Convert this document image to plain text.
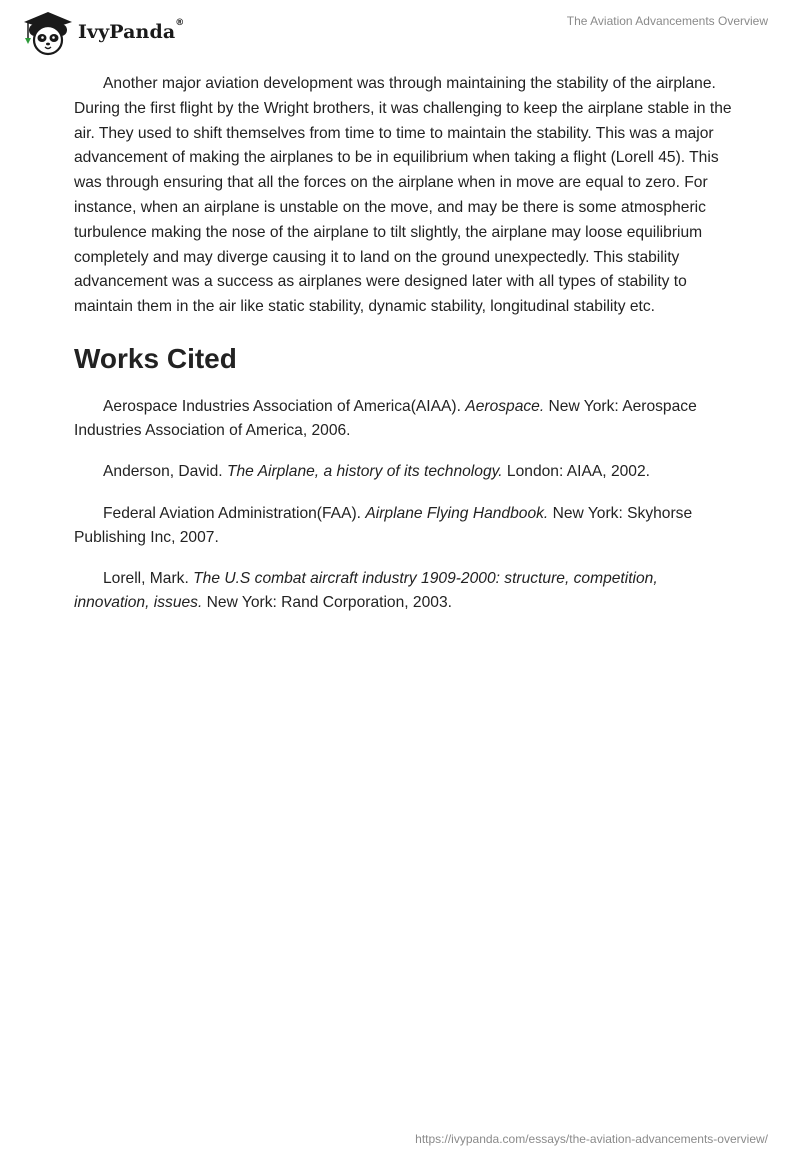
IvyPanda®	The Aviation Advancements Overview

Another major aviation development was through maintaining the stability of the airplane. During the first flight by the Wright brothers, it was challenging to keep the airplane stable in the air. They used to shift themselves from time to time to maintain the stability. This was a major advancement of making the airplanes to be in equilibrium when taking a flight (Lorell 45). This was through ensuring that all the forces on the airplane when in move are equal to zero. For instance, when an airplane is unstable on the move, and may be there is some atmospheric turbulence making the nose of the airplane to tilt slightly, the airplane may loose equilibrium completely and may diverge causing it to land on the ground unexpectedly. This stability advancement was a success as airplanes were designed later with all types of stability to maintain them in the air like static stability, dynamic stability, longitudinal stability etc.

Works Cited

Aerospace Industries Association of America(AIAA). Aerospace. New York: Aerospace Industries Association of America, 2006.

Anderson, David. The Airplane, a history of its technology. London: AIAA, 2002.

Federal Aviation Administration(FAA). Airplane Flying Handbook. New York: Skyhorse Publishing Inc, 2007.

Lorell, Mark. The U.S combat aircraft industry 1909-2000: structure, competition, innovation, issues. New York: Rand Corporation, 2003.

https://ivypanda.com/essays/the-aviation-advancements-overview/
